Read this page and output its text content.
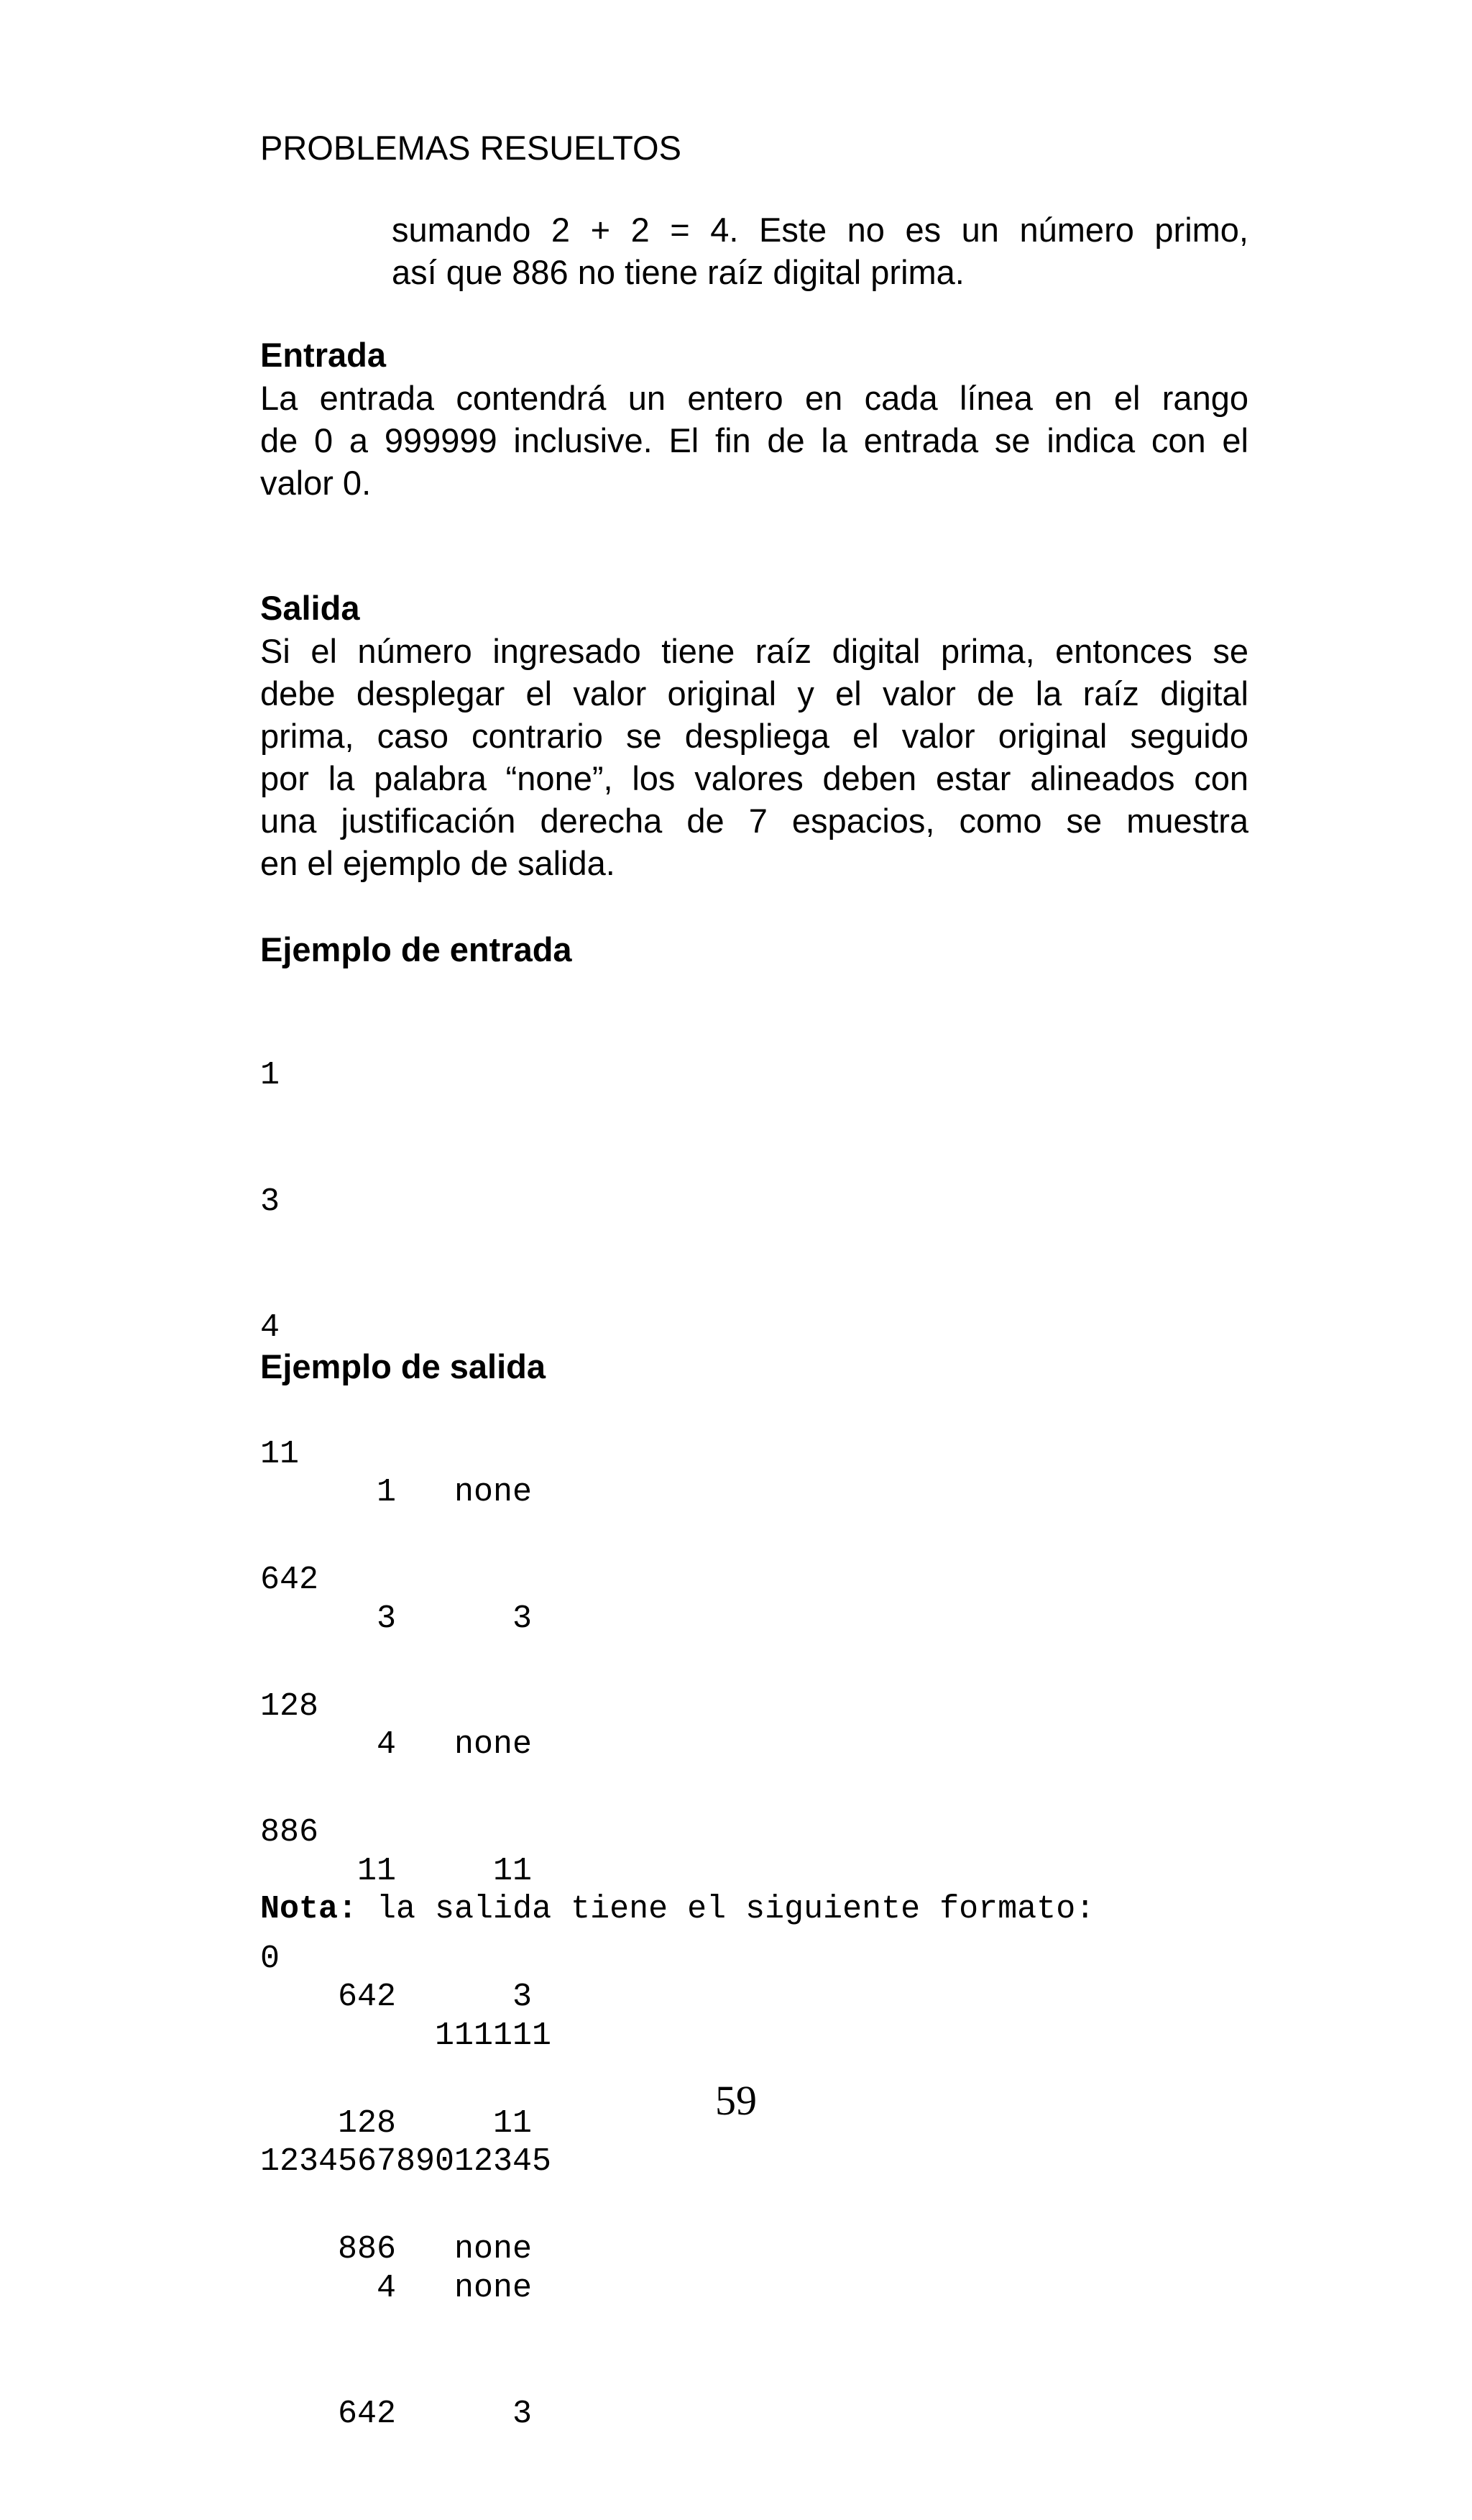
PROBLEMAS RESUELTOS
sumando 2 + 2 = 4. Este no es un número primo,
así que 886 no tiene raíz digital prima.
Entrada
La entrada contendrá un entero en cada línea en el rango
de 0 a 999999 inclusive. El fin de la entrada se indica con el
valor 0.
Salida
Si el número ingresado tiene raíz digital prima, entonces se
debe desplegar el valor original y el valor de la raíz digital
prima, caso contrario se despliega el valor original seguido
por la palabra “none”, los valores deben estar alineados con
una justificación derecha de 7 espacios, como se muestra
en el ejemplo de salida.
Ejemplo de entrada

1

3

4

11

642

128

886

0

Ejemplo de salida

1   none

3      3

4   none

11     11

642      3

128     11

886   none

Nota: la salida tiene el siguiente formato:

111111

123456789012345

4   none

642      3

59
